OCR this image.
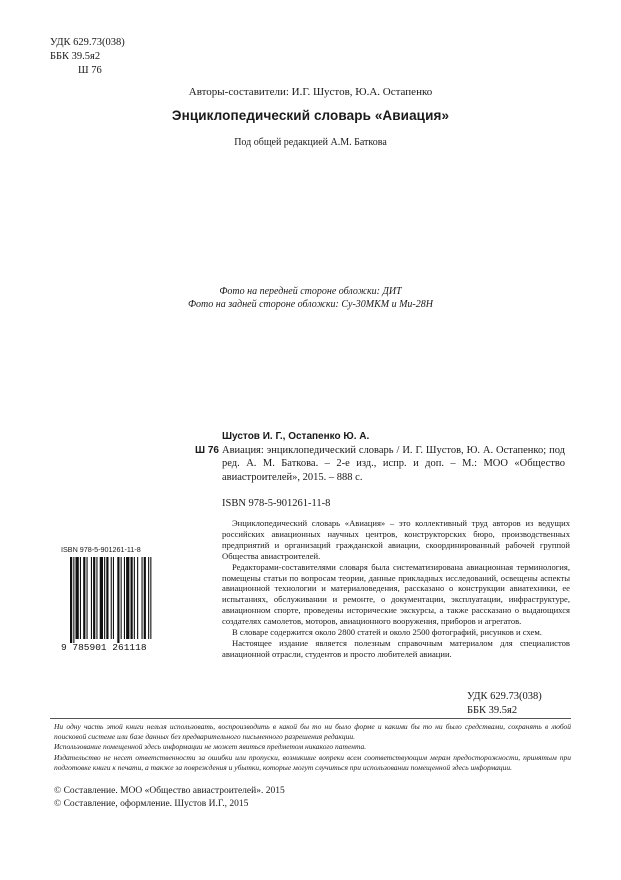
УДК 629.73(038)
ББК 39.5я2
Ш 76
Авторы-составители: И.Г. Шустов, Ю.А. Остапенко
Энциклопедический словарь «Авиация»
Под общей редакцией А.М. Баткова
Фото на передней стороне обложки: ДИТ
Фото на задней стороне обложки: Су-30МКМ и Ми-28Н
Шустов И. Г., Остапенко Ю. А.
Ш 76 Авиация: энциклопедический словарь / И. Г. Шустов, Ю. А. Остапенко; под ред. А. М. Баткова. – 2-е изд., испр. и доп. – М.: МОО «Общество авиастроителей», 2015. – 888 с.
ISBN 978-5-901261-11-8
ISBN 978-5-901261-11-8
9 785901 261118

Энциклопедический словарь «Авиация» – это коллективный труд авторов из ведущих российских авиационных научных центров, конструкторских бюро, производственных предприятий и организаций гражданской авиации, скоординированный рабочей группой Общества авиастроителей.

Редакторами-составителями словаря была систематизирована авиационная терминология, помещены статьи по вопросам теории, данные прикладных исследований, освещены аспекты авиационной технологии и материаловедения, рассказано о конструкции авиатехники, ее испытаниях, обслуживании и ремонте, о документации, эксплуатации, инфраструктуре, авиационном спорте, проведены исторические экскурсы, а также рассказано о выдающихся создателях самолетов, моторов, авиационного вооружения, приборов и агрегатов.

В словаре содержится около 2800 статей и около 2500 фотографий, рисунков и схем.

Настоящее издание является полезным справочным материалом для специалистов авиационной отрасли, студентов и просто любителей авиации.

УДК 629.73(038)
ББК 39.5я2

Ни одну часть этой книги нельзя использовать, воспроизводить в какой бы то ни было форме и какими бы то ни было средствами, сохранять в любой поисковой системе или базе данных без предварительного письменного разрешения редакции.

Использование помещенной здесь информации не может явиться предметом никакого патента.

Издательство не несет ответственности за ошибки или пропуски, возникшие вопреки всем соответствующим мерам предосторожности, принятым при подготовке книги к печати, а также за повреждения и убытки, которые могут случиться при использовании помещенной здесь информации.

© Составление. МОО «Общество авиастроителей». 2015
© Составление, оформление. Шустов И.Г., 2015
